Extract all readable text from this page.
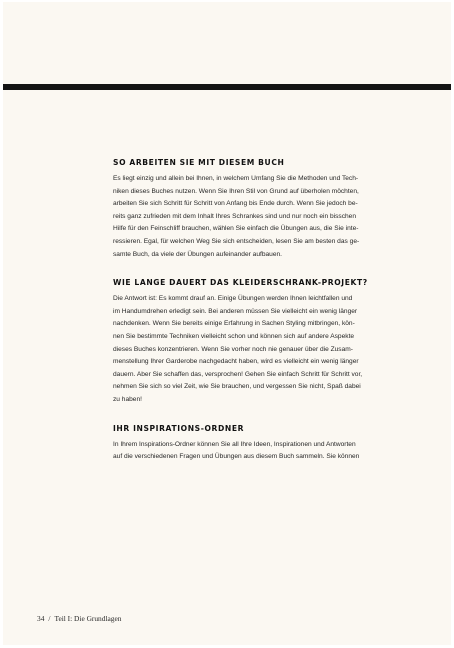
SO ARBEITEN SIE MIT DIESEM BUCH
Es liegt einzig und allein bei Ihnen, in welchem Umfang Sie die Methoden und Tech-
niken dieses Buches nutzen. Wenn Sie Ihren Stil von Grund auf überholen möchten,
arbeiten Sie sich Schritt für Schritt von Anfang bis Ende durch. Wenn Sie jedoch be-
reits ganz zufrieden mit dem Inhalt Ihres Schrankes sind und nur noch ein bisschen
Hilfe für den Feinschliff brauchen, wählen Sie einfach die Übungen aus, die Sie inte-
ressieren. Egal, für welchen Weg Sie sich entscheiden, lesen Sie am besten das ge-
samte Buch, da viele der Übungen aufeinander aufbauen.
WIE LANGE DAUERT DAS KLEIDERSCHRANK-PROJEKT?
Die Antwort ist: Es kommt drauf an. Einige Übungen werden Ihnen leichtfallen und
im Handumdrehen erledigt sein. Bei anderen müssen Sie vielleicht ein wenig länger
nachdenken. Wenn Sie bereits einige Erfahrung in Sachen Styling mitbringen, kön-
nen Sie bestimmte Techniken vielleicht schon und können sich auf andere Aspekte
dieses Buches konzentrieren. Wenn Sie vorher noch nie genauer über die Zusam-
menstellung Ihrer Garderobe nachgedacht haben, wird es vielleicht ein wenig länger
dauern. Aber Sie schaffen das, versprochen! Gehen Sie einfach Schritt für Schritt vor,
nehmen Sie sich so viel Zeit, wie Sie brauchen, und vergessen Sie nicht, Spaß dabei
zu haben!
IHR INSPIRATIONS-ORDNER
In Ihrem Inspirations-Ordner können Sie all Ihre Ideen, Inspirationen und Antworten
auf die verschiedenen Fragen und Übungen aus diesem Buch sammeln. Sie können
34 / Teil I: Die Grundlagen
